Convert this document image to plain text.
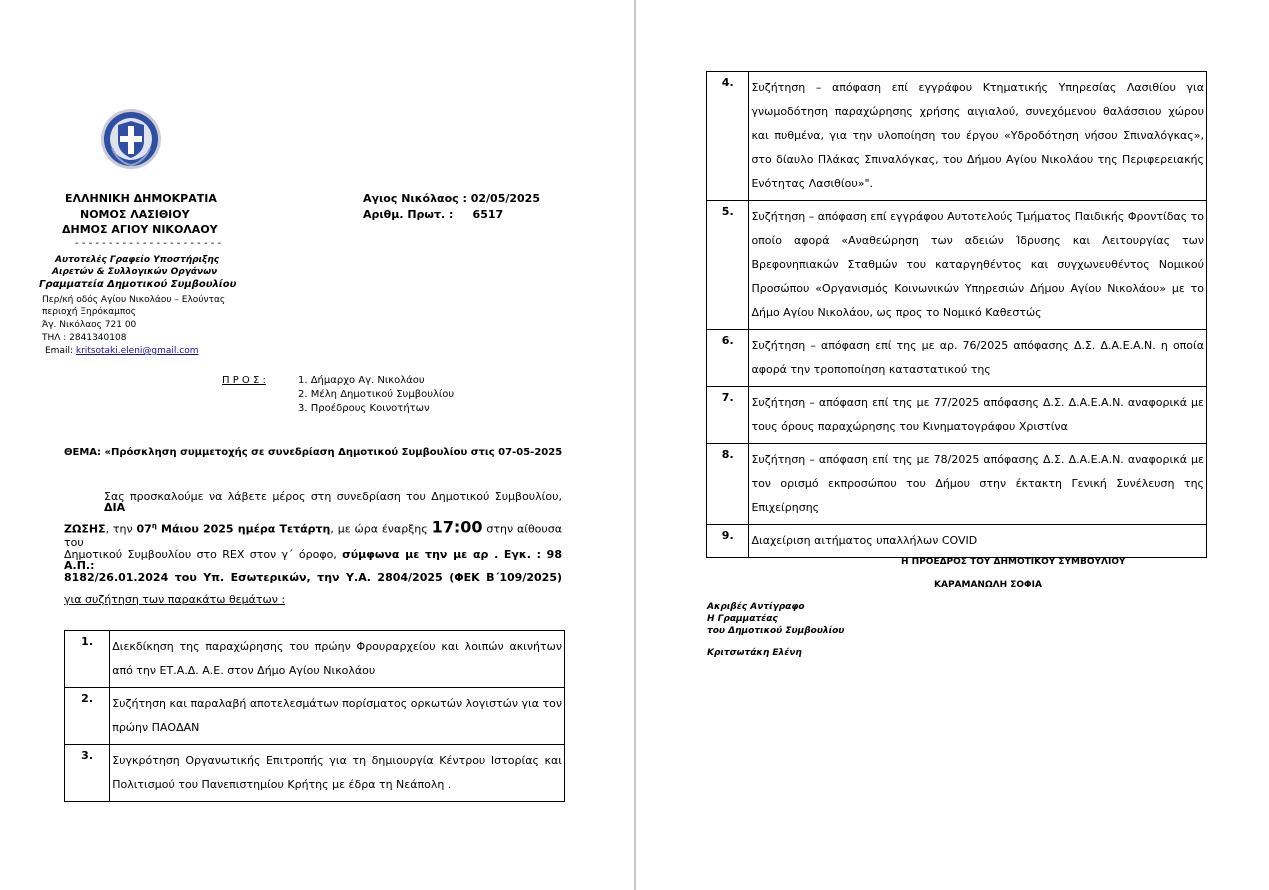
ΕΛΛΗΝΙΚΗ ΔΗΜΟΚΡΑΤΙΑ
ΝΟΜΟΣ ΛΑΣΙΘΙΟΥ
ΔΗΜΟΣ ΑΓΙΟΥ ΝΙΚΟΛΑΟΥ
- - - - - - - - - - - - - - - - - - - - - -
Αυτοτελές Γραφείο Υποστήριξης
Αιρετών & Συλλογικών Οργάνων
Γραμματεία Δημοτικού Συμβουλίου
Περ/κή οδός Αγίου Νικολάου – Ελούντας
περιοχή Ξηρόκαμπος
Άγ. Νικόλαος 721 00
ΤΗΛ : 2841340108
Email: kritsotaki.eleni@gmail.com
Αγιος Νικόλαος : 02/05/2025
Αριθμ. Πρωτ. :     6517
Π Ρ Ο Σ :	1. Δήμαρχο Αγ. Νικολάου
2. Μέλη Δημοτικού Συμβουλίου
3. Προέδρους Κοινοτήτων
ΘΕΜΑ: «Πρόσκληση συμμετοχής σε συνεδρίαση Δημοτικού Συμβουλίου στις 07-05-2025
Σας προσκαλούμε να λάβετε μέρος στη συνεδρίαση του Δημοτικού Συμβουλίου, ΔΙΑ
ΖΩΣΗΣ, την $07^\eta$ Μάιου 2025 ημέρα Τετάρτη, με ώρα έναρξης 17:00 στην αίθουσα του
Δημοτικού Συμβουλίου στο REX στον γ΄ όροφο, σύμφωνα με την με αρ . Εγκ. : 98 Α.Π.:
8182/26.01.2024 του Υπ. Εσωτερικών, την Υ.Α. 2804/2025 (ΦΕΚ Β΄109/2025)
για συζήτηση των παρακάτω θεμάτων :
1.	Διεκδίκηση της παραχώρησης του πρώην Φρουραρχείου και λοιπών ακινήτων
από την ΕΤ.Α.Δ. Α.Ε. στον Δήμο Αγίου Νικολάου

2.	Συζήτηση και παραλαβή αποτελεσμάτων πορίσματος ορκωτών λογιστών για τον
πρώην ΠΑΟΔΑΝ

3.	Συγκρότηση Οργανωτικής Επιτροπής για τη δημιουργία Κέντρου Ιστορίας και
Πολιτισμού του Πανεπιστημίου Κρήτης με έδρα τη Νεάπολη .
4.	Συζήτηση – απόφαση επί εγγράφου Κτηματικής Υπηρεσίας Λασιθίου για
γνωμοδότηση παραχώρησης χρήσης αιγιαλού, συνεχόμενου θαλάσσιου χώρου
και πυθμένα, για την υλοποίηση του έργου «Υδροδότηση νήσου Σπιναλόγκας»,
στο δίαυλο Πλάκας Σπιναλόγκας, του Δήμου Αγίου Νικολάου της Περιφερειακής
Ενότητας Λασιθίου»".

5.	Συζήτηση – απόφαση επί εγγράφου Αυτοτελούς Τμήματος Παιδικής Φροντίδας το
οποίο αφορά «Αναθεώρηση των αδειών Ίδρυσης και Λειτουργίας των
Βρεφονηπιακών Σταθμών του καταργηθέντος και συγχωνευθέντος Νομικού
Προσώπου «Οργανισμός Κοινωνικών Υπηρεσιών Δήμου Αγίου Νικολάου» με το
Δήμο Αγίου Νικολάου, ως προς το Νομικό Καθεστώς

6.	Συζήτηση – απόφαση επί της με αρ. 76/2025 απόφασης Δ.Σ. Δ.Α.Ε.Α.Ν. η οποία
αφορά την τροποποίηση καταστατικού της

7.	Συζήτηση – απόφαση επί της με 77/2025 απόφασης Δ.Σ. Δ.Α.Ε.Α.Ν. αναφορικά με
τους όρους παραχώρησης του Κινηματογράφου Χριστίνα

8.	Συζήτηση – απόφαση επί της με 78/2025 απόφασης Δ.Σ. Δ.Α.Ε.Α.Ν. αναφορικά με
τον ορισμό εκπροσώπου του Δήμου στην έκτακτη Γενική Συνέλευση της
Επιχείρησης

9.	Διαχείριση αιτήματος υπαλλήλων COVID
Η ΠΡΟΕΔΡΟΣ ΤΟΥ ΔΗΜΟΤΙΚΟΥ ΣΥΜΒΟΥΛΙΟΥ
ΚΑΡΑΜΑΝΩΛΗ ΣΟΦΙΑ
Ακριβές Αντίγραφο
Η Γραμματέας
του Δημοτικού Συμβουλίου
Κριτσωτάκη Ελένη
